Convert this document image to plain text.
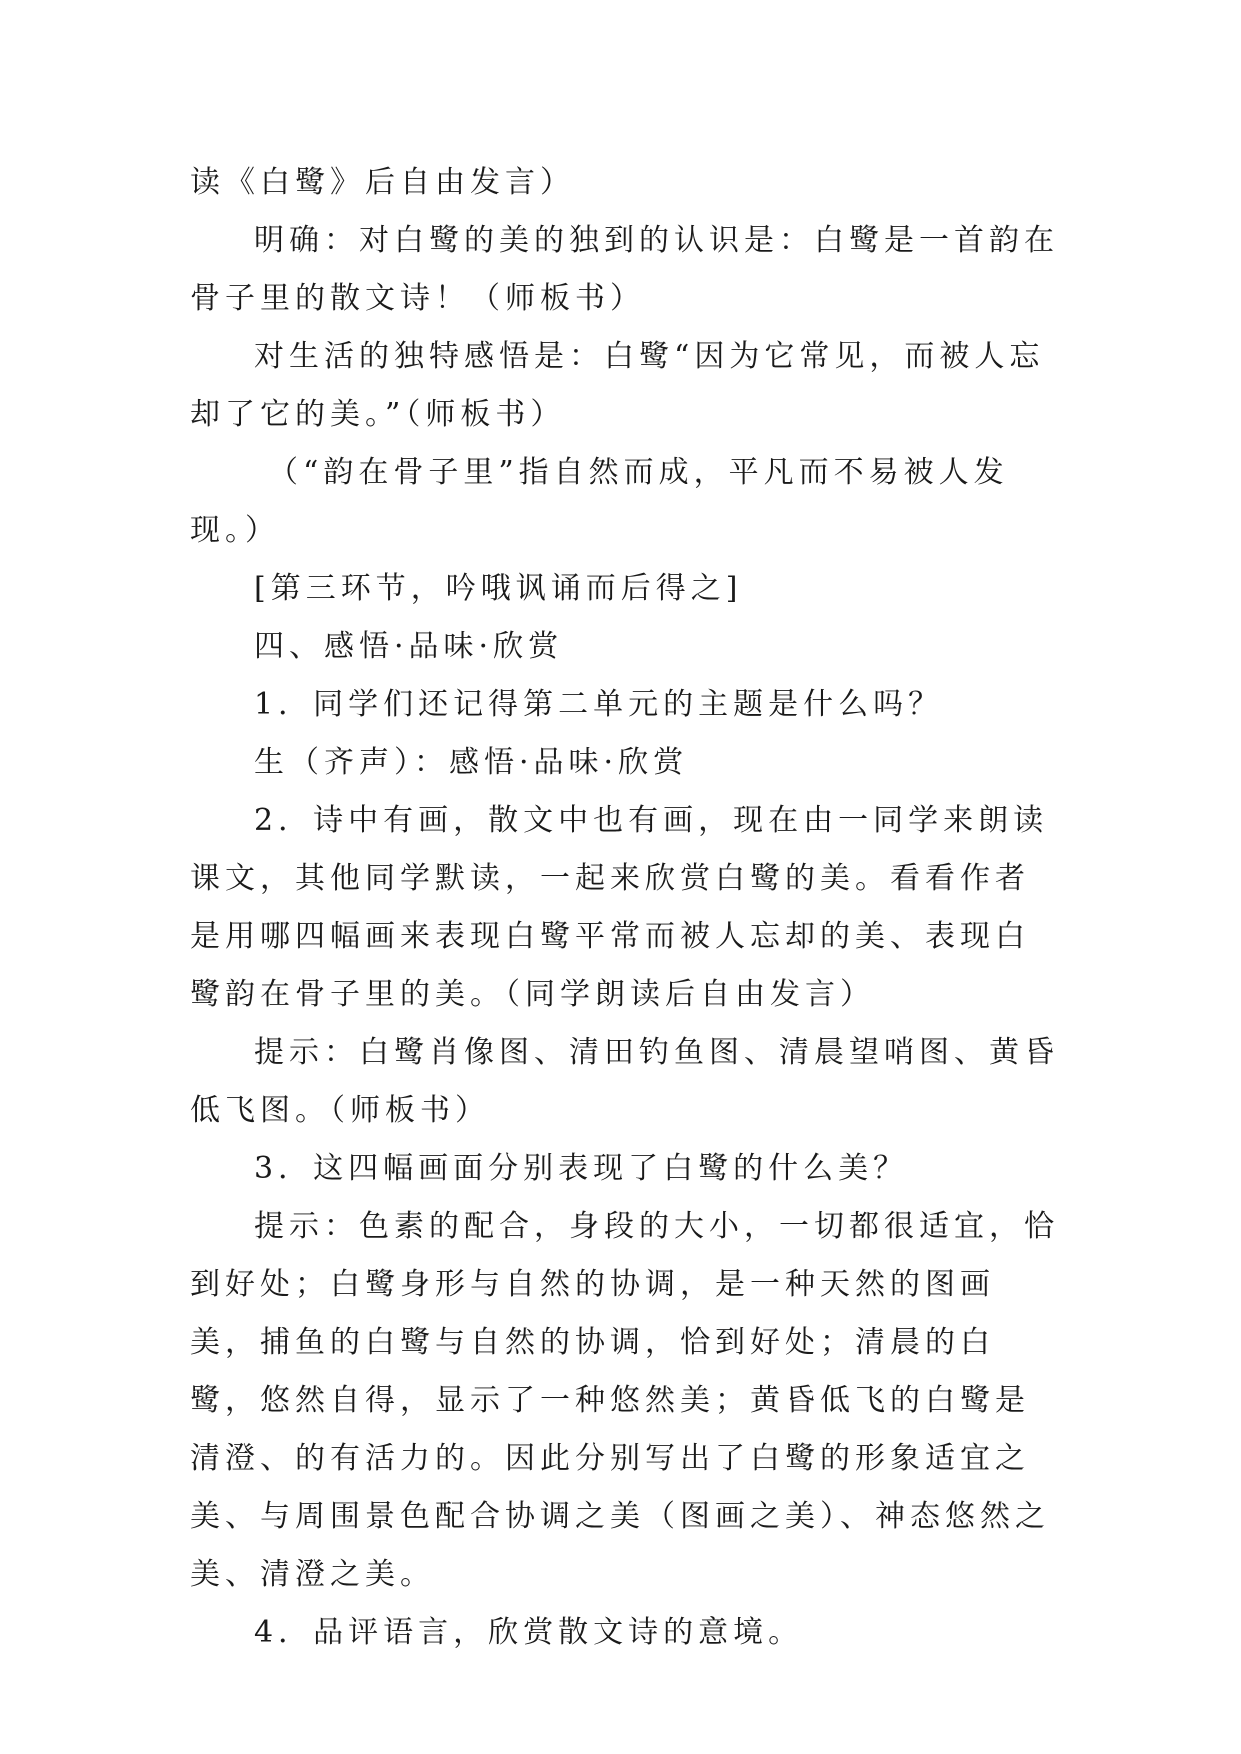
读《白鹭》后自由发言）

明确：对白鹭的美的独到的认识是：白鹭是一首韵在骨子里的散文诗！（师板书）

对生活的独特感悟是：白鹭“因为它常见，而被人忘却了它的美。”（师板书）

（“韵在骨子里”指自然而成，平凡而不易被人发现。）

[第三环节，吟哦讽诵而后得之]

四、感悟·品味·欣赏

1．同学们还记得第二单元的主题是什么吗？

生（齐声）：感悟·品味·欣赏

2．诗中有画，散文中也有画，现在由一同学来朗读课文，其他同学默读，一起来欣赏白鹭的美。看看作者是用哪四幅画来表现白鹭平常而被人忘却的美、表现白鹭韵在骨子里的美。（同学朗读后自由发言）

提示：白鹭肖像图、清田钓鱼图、清晨望哨图、黄昏低飞图。（师板书）

3．这四幅画面分别表现了白鹭的什么美？

提示：色素的配合，身段的大小，一切都很适宜，恰到好处；白鹭身形与自然的协调，是一种天然的图画美，捕鱼的白鹭与自然的协调，恰到好处；清晨的白鹭，悠然自得，显示了一种悠然美；黄昏低飞的白鹭是清澄、的有活力的。因此分别写出了白鹭的形象适宜之美、与周围景色配合协调之美（图画之美）、神态悠然之美、清澄之美。

4．品评语言，欣赏散文诗的意境。
